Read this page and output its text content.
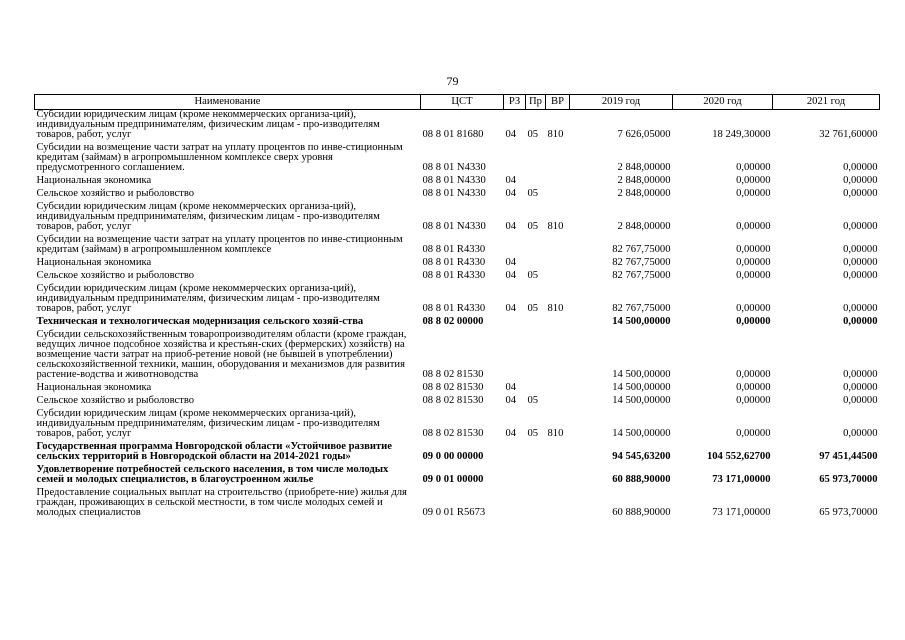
79
Наименование	ЦСТ	РЗ	Пр	ВР	2019 год	2020 год	2021 год
Субсидии юридическим лицам (кроме некоммерческих организа-ций), индивидуальным предпринимателям, физическим лицам - про-изводителям товаров, работ, услуг	08 8 01 81680	04	05	810	7 626,05000	18 249,30000	32 761,60000
Субсидии на возмещение части затрат на уплату процентов по инве-стиционным кредитам (займам) в агропромышленном комплексе сверх уровня предусмотренного соглашением.	08 8 01 N4330				2 848,00000	0,00000	0,00000
Национальная экономика	08 8 01 N4330	04			2 848,00000	0,00000	0,00000
Сельское хозяйство и рыболовство	08 8 01 N4330	04	05		2 848,00000	0,00000	0,00000
Субсидии юридическим лицам (кроме некоммерческих организа-ций), индивидуальным предпринимателям, физическим лицам - про-изводителям товаров, работ, услуг	08 8 01 N4330	04	05	810	2 848,00000	0,00000	0,00000
Субсидии на возмещение части затрат на уплату процентов по инве-стиционным кредитам (займам) в агропромышленном комплексе	08 8 01 R4330				82 767,75000	0,00000	0,00000
Национальная экономика	08 8 01 R4330	04			82 767,75000	0,00000	0,00000
Сельское хозяйство и рыболовство	08 8 01 R4330	04	05		82 767,75000	0,00000	0,00000
Субсидии юридическим лицам (кроме некоммерческих организа-ций), индивидуальным предпринимателям, физическим лицам - про-изводителям товаров, работ, услуг	08 8 01 R4330	04	05	810	82 767,75000	0,00000	0,00000
Техническая и технологическая модернизация сельского хозяй-ства	08 8 02 00000				14 500,00000	0,00000	0,00000
Субсидии сельскохозяйственным товаропроизводителям области (кроме граждан, ведущих личное подсобное хозяйства и крестьян-ских (фермерских) хозяйств) на возмещение части затрат на приоб-ретение новой (не бывшей в употреблении) сельскохозяйственной техники, машин, оборудования и механизмов для развития растение-водства и животноводства	08 8 02 81530				14 500,00000	0,00000	0,00000
Национальная экономика	08 8 02 81530	04			14 500,00000	0,00000	0,00000
Сельское хозяйство и рыболовство	08 8 02 81530	04	05		14 500,00000	0,00000	0,00000
Субсидии юридическим лицам (кроме некоммерческих организа-ций), индивидуальным предпринимателям, физическим лицам - про-изводителям товаров, работ, услуг	08 8 02 81530	04	05	810	14 500,00000	0,00000	0,00000
Государственная программа Новгородской области «Устойчивое развитие сельских территорий в Новгородской области на 2014-2021 годы»	09 0 00 00000				94 545,63200	104 552,62700	97 451,44500
Удовлетворение потребностей сельского населения, в том числе молодых семей и молодых специалистов, в благоустроенном жилье	09 0 01 00000				60 888,90000	73 171,00000	65 973,70000
Предоставление социальных выплат на строительство (приобрете-ние) жилья для граждан, проживающих в сельской местности, в том числе молодых семей и молодых специалистов	09 0 01 R5673				60 888,90000	73 171,00000	65 973,70000
